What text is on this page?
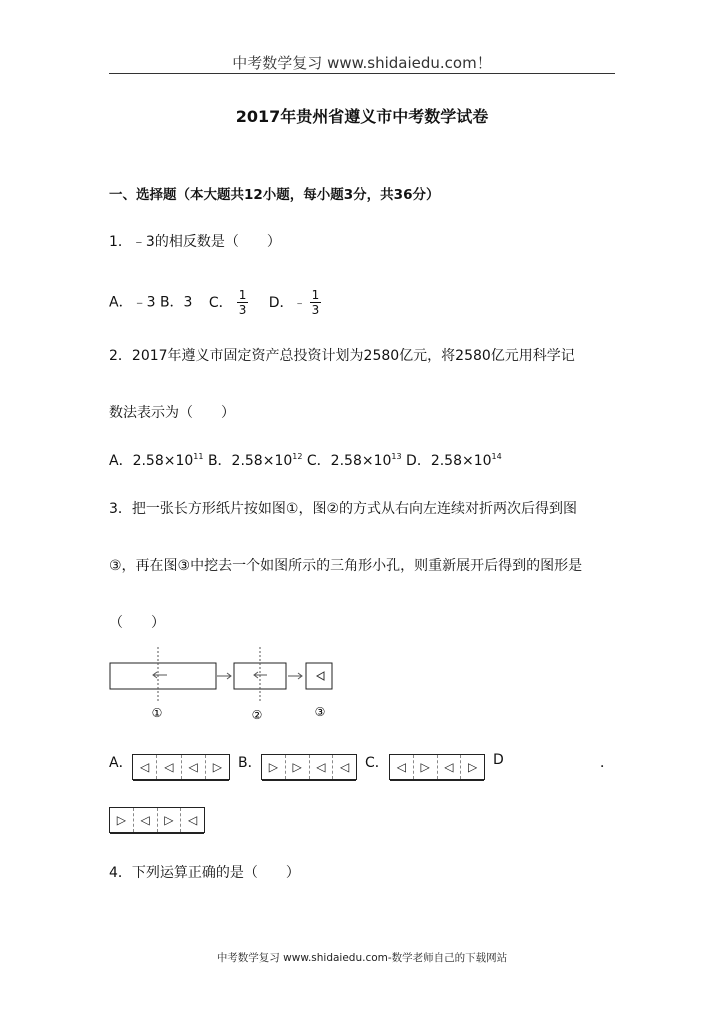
中考数学复习 www.shidaiedu.com！
2017年贵州省遵义市中考数学试卷
一、选择题（本大题共12小题，每小题3分，共36分）
1．﹣3的相反数是（　　）
A．﹣3 B．3 C． $\frac{1}{3}$ D．﹣ $\frac{1}{3}$
2．2017年遵义市固定资产总投资计划为2580亿元，将2580亿元用科学记
数法表示为（　　）
A．$2.58\times 10^{11}$ B．$2.58\times 10^{12}$ C．$2.58\times 10^{13}$ D．$2.58\times 10^{14}$
3．把一张长方形纸片按如图①，图②的方式从右向左连续对折两次后得到图
③，再在图③中挖去一个如图所示的三角形小孔，则重新展开后得到的图形是
（　　）
①	②	③
A． ◁	◁	◁	▷	B． ▷	▷	◁	◁	C． ◁	▷	◁	▷	D	．
▷	◁	▷	◁
4．下列运算正确的是（　　）
中考数学复习 www.shidaiedu.com-数学老师自己的下载网站
